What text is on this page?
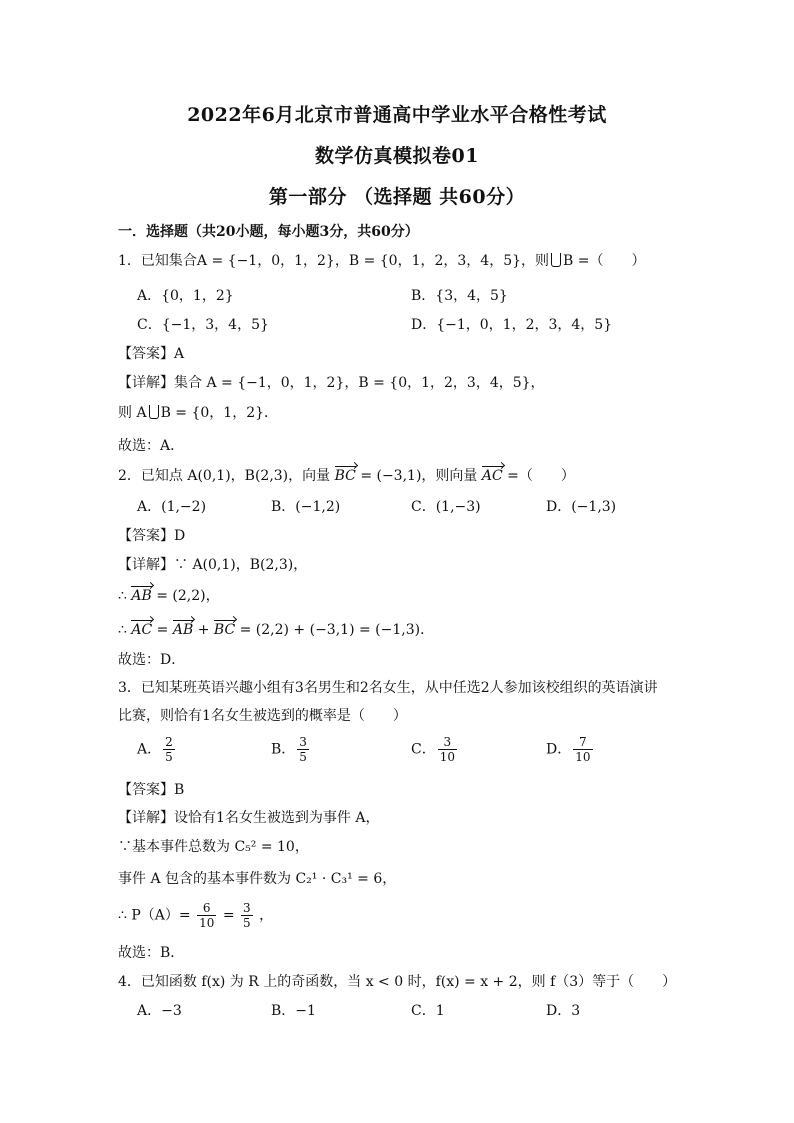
2022年6月北京市普通高中学业水平合格性考试
数学仿真模拟卷01
第一部分 （选择题 共60分）
一．选择题（共20小题，每小题3分，共60分）
1．已知集合A = {−1，0，1，2}，B = {0，1，2，3，4，5}，则 B =（　　）
A．{0，1，2}	B．{3，4，5}
C．{−1，3，4，5}	D．{−1，0，1，2，3，4，5}
【答案】A
【详解】集合 A = {−1，0，1，2}，B = {0，1，2，3，4，5}，
则 A B = {0，1，2}．
故选：A．
2．已知点 A(0,1)，B(2,3)，向量 BC = (−3,1)，则向量 AC =（　　）
A．(1,−2)	B．(−1,2)	C．(1,−3)	D．(−1,3)
【答案】D
【详解】∵ A(0,1)，B(2,3)，
∴ AB = (2,2)，
∴ AC = AB + BC = (2,2) + (−3,1) = (−1,3)．
故选：D．
3．已知某班英语兴趣小组有3名男生和2名女生，从中任选2人参加该校组织的英语演讲
比赛，则恰有1名女生被选到的概率是（　　）
A． $\frac{2}{5}$	B． $\frac{3}{5}$	C． $\frac{3}{10}$	D． $\frac{7}{10}$
【答案】B
【详解】设恰有1名女生被选到为事件 A，
∵基本事件总数为 C₅² = 10，
事件 A 包含的基本事件数为 C₂¹ · C₃¹ = 6，
∴ $P(A)= \frac{6}{10} = \frac{3}{5}$ ，
故选：B．
4．已知函数 f(x) 为 R 上的奇函数，当 x < 0 时，f(x) = x + 2，则 f（3）等于（　　）
A．−3	B．−1	C．1	D．3
